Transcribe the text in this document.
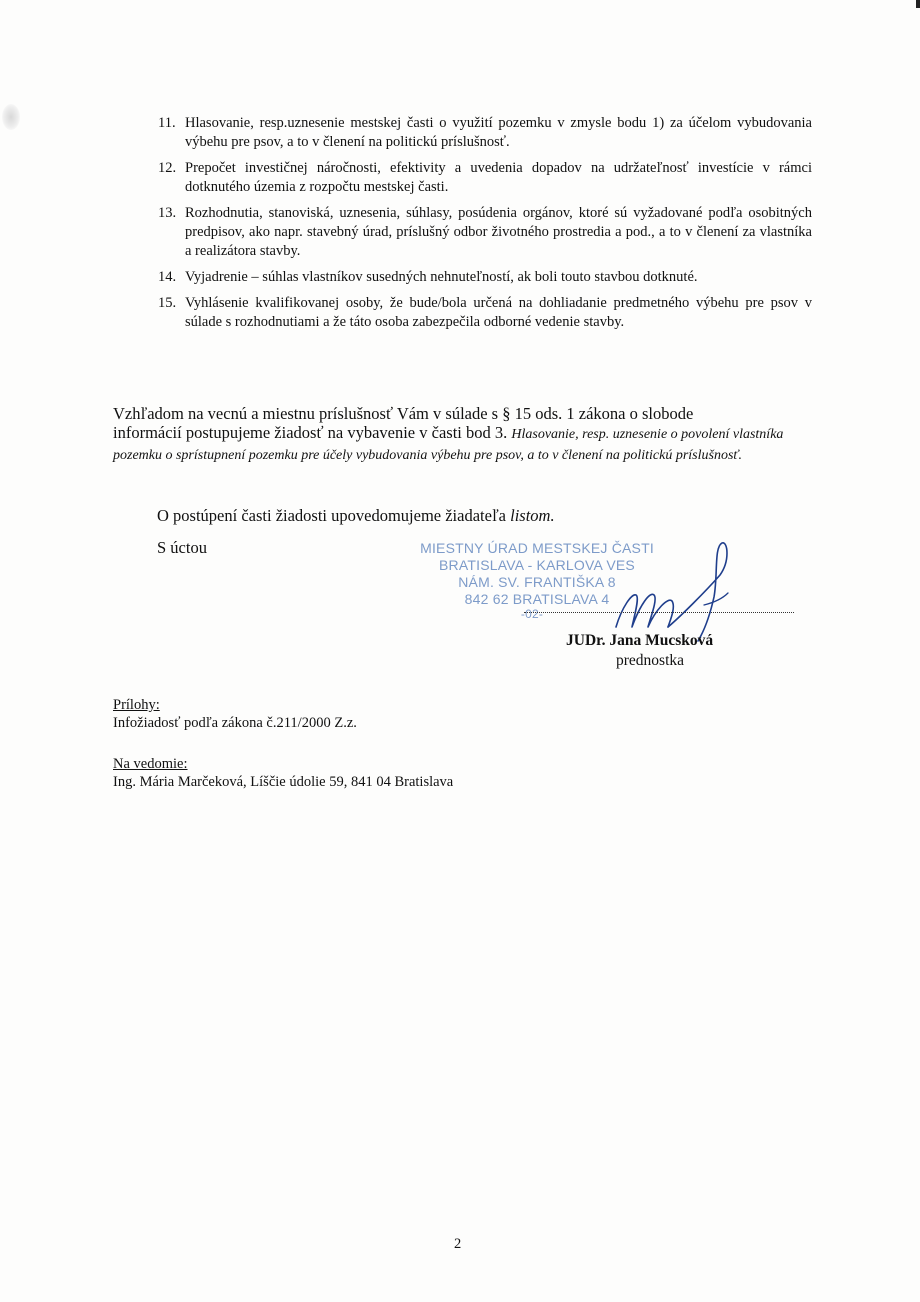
11. Hlasovanie, resp.uznesenie mestskej časti o využití pozemku v zmysle bodu 1) za účelom vybudovania výbehu pre psov, a to v členení na politickú príslušnosť.
12. Prepočet investičnej náročnosti, efektivity a uvedenia dopadov na udržateľnosť investície v rámci dotknutého územia z rozpočtu mestskej časti.
13. Rozhodnutia, stanoviská, uznesenia, súhlasy, posúdenia orgánov, ktoré sú vyžadované podľa osobitných predpisov, ako napr. stavebný úrad, príslušný odbor životného prostredia a pod., a to v členení za vlastníka a realizátora stavby.
14. Vyjadrenie – súhlas vlastníkov susedných nehnuteľností, ak boli touto stavbou dotknuté.
15. Vyhlásenie kvalifikovanej osoby, že bude/bola určená na dohliadanie predmetného výbehu pre psov v súlade s rozhodnutiami a že táto osoba zabezpečila odborné vedenie stavby.

Vzhľadom na vecnú a miestnu príslušnosť Vám v súlade s § 15 ods. 1 zákona o slobode
informácií postupujeme žiadosť na vybavenie v časti bod 3. Hlasovanie, resp. uznesenie o povolení vlastníka pozemku o sprístupnení pozemku pre účely vybudovania výbehu pre psov, a to v členení na politickú príslušnosť.

O postúpení časti žiadosti upovedomujeme žiadateľa listom.

S úctou	MIESTNY ÚRAD MESTSKEJ ČASTI
BRATISLAVA - KARLOVA VES
NÁM. SV. FRANTIŠKA 8
842 62 BRATISLAVA 4
-02-

JUDr. Jana Mucsková

prednostka

Prílohy:
Infožiadosť podľa zákona č.211/2000 Z.z.

Na vedomie:
Ing. Mária Marčeková, Líščie údolie 59, 841 04 Bratislava

2
